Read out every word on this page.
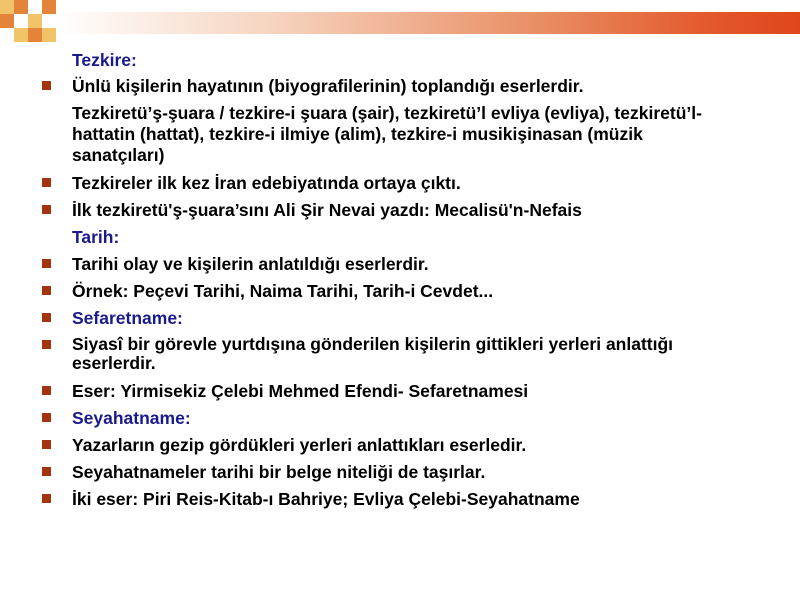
Tezkire:
Ünlü kişilerin hayatının (biyografilerinin) toplandığı eserlerdir.
Tezkiretü’ş-şuara / tezkire-i şuara (şair), tezkiretü’l evliya (evliya), tezkiretü’l-hattatin (hattat), tezkire-i ilmiye (alim), tezkire-i musikişinasan (müzik sanatçıları)
Tezkireler ilk kez İran edebiyatında ortaya çıktı.
İlk tezkiretü'ş-şuara’sını Ali Şir Nevai yazdı: Mecalisü'n-Nefais
Tarih:
Tarihi olay ve kişilerin anlatıldığı eserlerdir.
Örnek: Peçevi Tarihi, Naima Tarihi, Tarih-i Cevdet...
Sefaretname:
Siyasî bir görevle yurtdışına gönderilen kişilerin gittikleri yerleri anlattığı eserlerdir.
Eser: Yirmisekiz Çelebi Mehmed Efendi- Sefaretnamesi
Seyahatname:
Yazarların gezip gördükleri yerleri anlattıkları eserledir.
Seyahatnameler tarihi bir belge niteliği de taşırlar.
İki eser: Piri Reis-Kitab-ı Bahriye; Evliya Çelebi-Seyahatname
